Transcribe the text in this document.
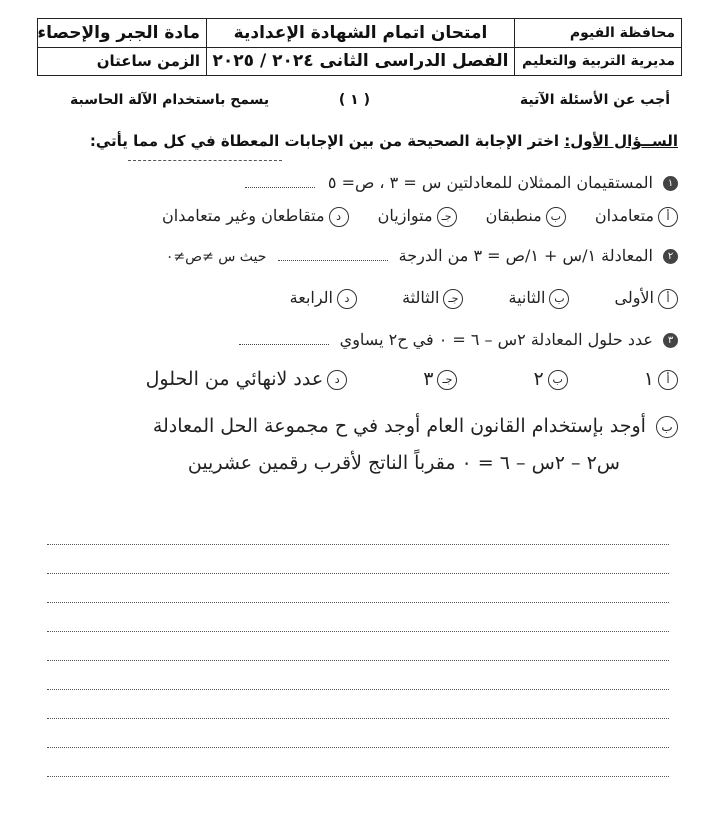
محافظة الفيوم
مديرية التربية والتعليم
امتحان اتمام الشهادة الإعدادية
الفصل الدراسى الثانى ٢٠٢٤ / ٢٠٢٥
مادة الجبر والإحصاء
الزمن ساعتان
أجب عن الأسئلة الآتية
( ١ )
يسمح باستخدام الآلة الحاسبة
الســؤال الأول: اختر الإجابة الصحيحة من بين الإجابات المعطاة في كل مما يأتي:
١ المستقيمان الممثلان للمعادلتين س = ٣ ، ص= ٥
أمتعامدان بمنطبقان جـمتوازيان دمتقاطعان وغير متعامدان
٢ المعادلة ١/س + ١/ص = ٣ من الدرجة  حيث س ≠ص≠٠
أالأولى بالثانية جـالثالثة دالرابعة
٣ عدد حلول المعادلة ٢س – ٦ = ٠ في ح٢ يساوي
أ١ ب٢ جـ٣ دعدد لانهائي من الحلول
ب أوجد بإستخدام القانون العام أوجد في ح مجموعة الحل المعادلة
س٢ – ٢س – ٦ = ٠ مقرباً الناتج لأقرب رقمين عشريين
